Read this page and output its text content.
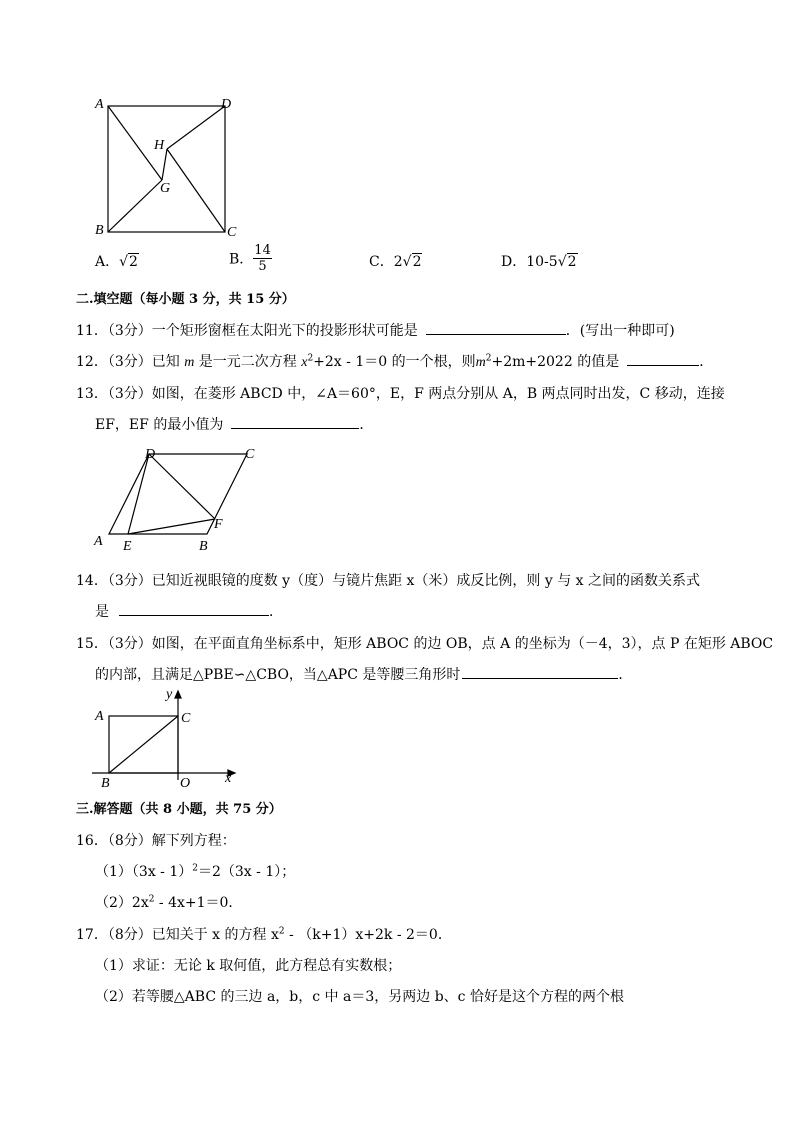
A	D
H
G
B	C
A．√2	B． $\frac{14}{5}$	C．2√2	D．10-5√2
二.填空题（每小题 3 分，共 15 分）
11．（3分）一个矩形窗框在太阳光下的投影形状可能是	．(写出一种即可)
12．（3分）已知 m 是一元二次方程 $x^2+2x - 1=0$ 的一个根，则$m^2+2m+2022$ 的值是	．
13．（3分）如图，在菱形 ABCD 中，∠A＝60°，E，F 两点分别从 A，B 两点同时出发，C 移动，连接
EF，EF 的最小值为	．
D	C
F
A E	B
14．（3分）已知近视眼镜的度数 y（度）与镜片焦距 x（米）成反比例，则 y 与 x 之间的函数关系式
是	．
15．（3分）如图，在平面直角坐标系中，矩形 ABOC 的边 OB，点 A 的坐标为（－4，3），点 P 在矩形 ABOC
的内部，且满足△PBE∽△CBO，当△APC 是等腰三角形时	．
y
x
A	C
B	O
三.解答题（共 8 小题，共 75 分）
16．（8分）解下列方程：
（1）（3x - 1）$^2$＝2（3x - 1）；
$(2)2x^2 - 4x+1=0$．
17．（8分）已知关于 x 的方程 $x^2 - (k+1)x+2k - 2=0$．
（1）求证：无论 k 取何值，此方程总有实数根；
（2）若等腰△ABC 的三边 a，b，c 中 a＝3，另两边 b、c 恰好是这个方程的两个根
